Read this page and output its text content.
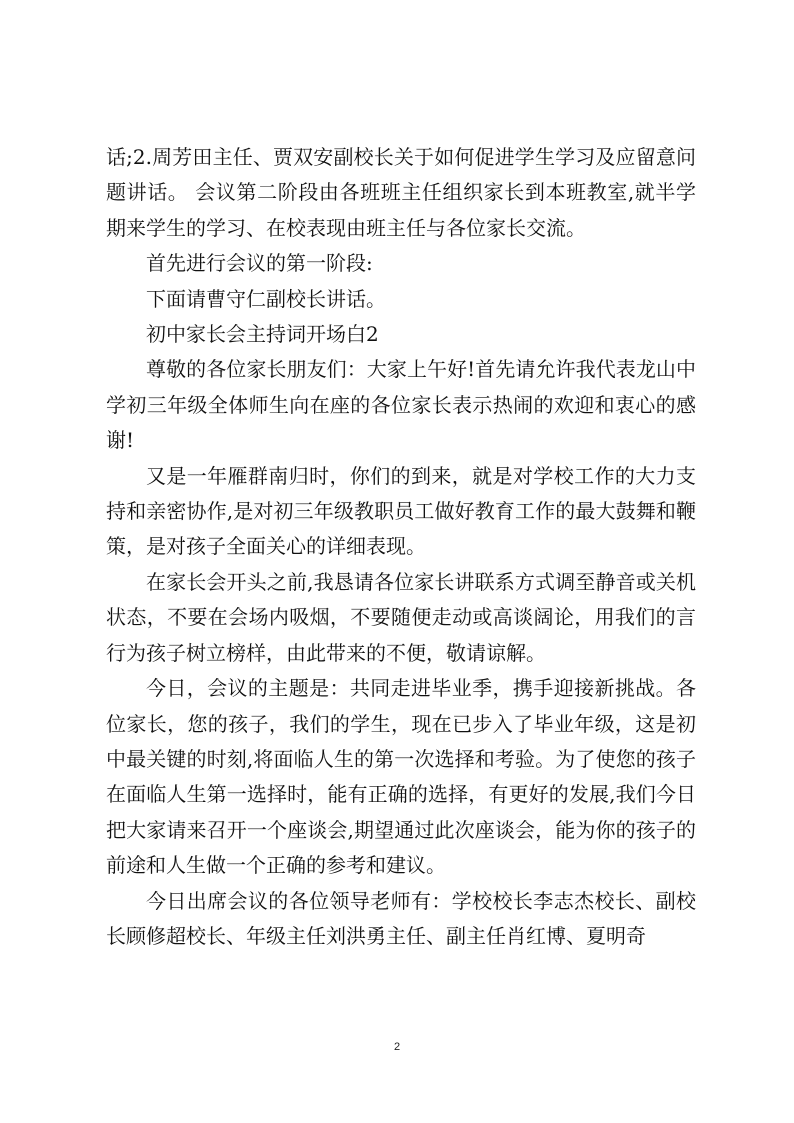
话;2.周芳田主任、贾双安副校长关于如何促进学生学习及应留意问题讲话。 会议第二阶段由各班班主任组织家长到本班教室,就半学期来学生的学习、在校表现由班主任与各位家长交流。

首先进行会议的第一阶段:

下面请曹守仁副校长讲话。

初中家长会主持词开场白2

尊敬的各位家长朋友们：大家上午好!首先请允许我代表龙山中学初三年级全体师生向在座的各位家长表示热闹的欢迎和衷心的感谢!

又是一年雁群南归时，你们的到来，就是对学校工作的大力支持和亲密协作,是对初三年级教职员工做好教育工作的最大鼓舞和鞭策，是对孩子全面关心的详细表现。

在家长会开头之前,我恳请各位家长讲联系方式调至静音或关机状态，不要在会场内吸烟，不要随便走动或高谈阔论，用我们的言行为孩子树立榜样，由此带来的不便，敬请谅解。

今日，会议的主题是：共同走进毕业季，携手迎接新挑战。各位家长，您的孩子，我们的学生，现在已步入了毕业年级，这是初中最关键的时刻,将面临人生的第一次选择和考验。为了使您的孩子在面临人生第一选择时，能有正确的选择，有更好的发展,我们今日把大家请来召开一个座谈会,期望通过此次座谈会，能为你的孩子的前途和人生做一个正确的参考和建议。

今日出席会议的各位领导老师有：学校校长李志杰校长、副校长顾修超校长、年级主任刘洪勇主任、副主任肖红博、夏明奇

2
